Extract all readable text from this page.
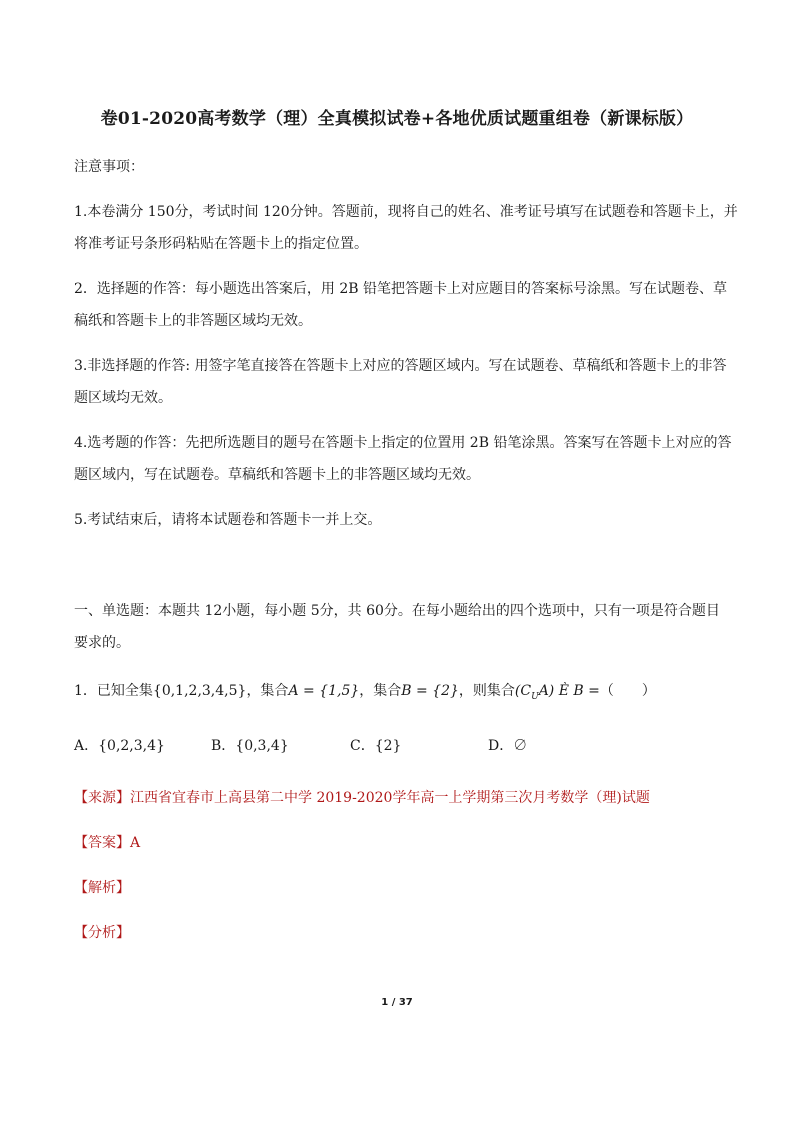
卷01-2020高考数学（理）全真模拟试卷+各地优质试题重组卷（新课标版）
注意事项：
1.本卷满分 150分，考试时间 120分钟。答题前，现将自己的姓名、准考证号填写在试题卷和答题卡上，并
将准考证号条形码粘贴在答题卡上的指定位置。
2．选择题的作答：每小题选出答案后，用 2B 铅笔把答题卡上对应题目的答案标号涂黑。写在试题卷、草
稿纸和答题卡上的非答题区域均无效。
3.非选择题的作答: 用签字笔直接答在答题卡上对应的答题区域内。写在试题卷、草稿纸和答题卡上的非答
题区域均无效。
4.选考题的作答：先把所选题目的题号在答题卡上指定的位置用 2B 铅笔涂黑。答案写在答题卡上对应的答
题区域内，写在试题卷。草稿纸和答题卡上的非答题区域均无效。
5.考试结束后，请将本试题卷和答题卡一并上交。
一、单选题：本题共 12小题，每小题 5分，共 60分。在每小题给出的四个选项中，只有一项是符合题目
要求的。
1．已知全集{0,1,2,3,4,5}，集合A = {1,5}，集合B = {2}，则集合$(C_UA)$ È B =（　　）
A．{0,2,3,4}	B．{0,3,4}	C．{2}	D．∅
【来源】江西省宜春市上高县第二中学 2019-2020学年高一上学期第三次月考数学（理)试题
【答案】A
【解析】
【分析】
1 / 37
